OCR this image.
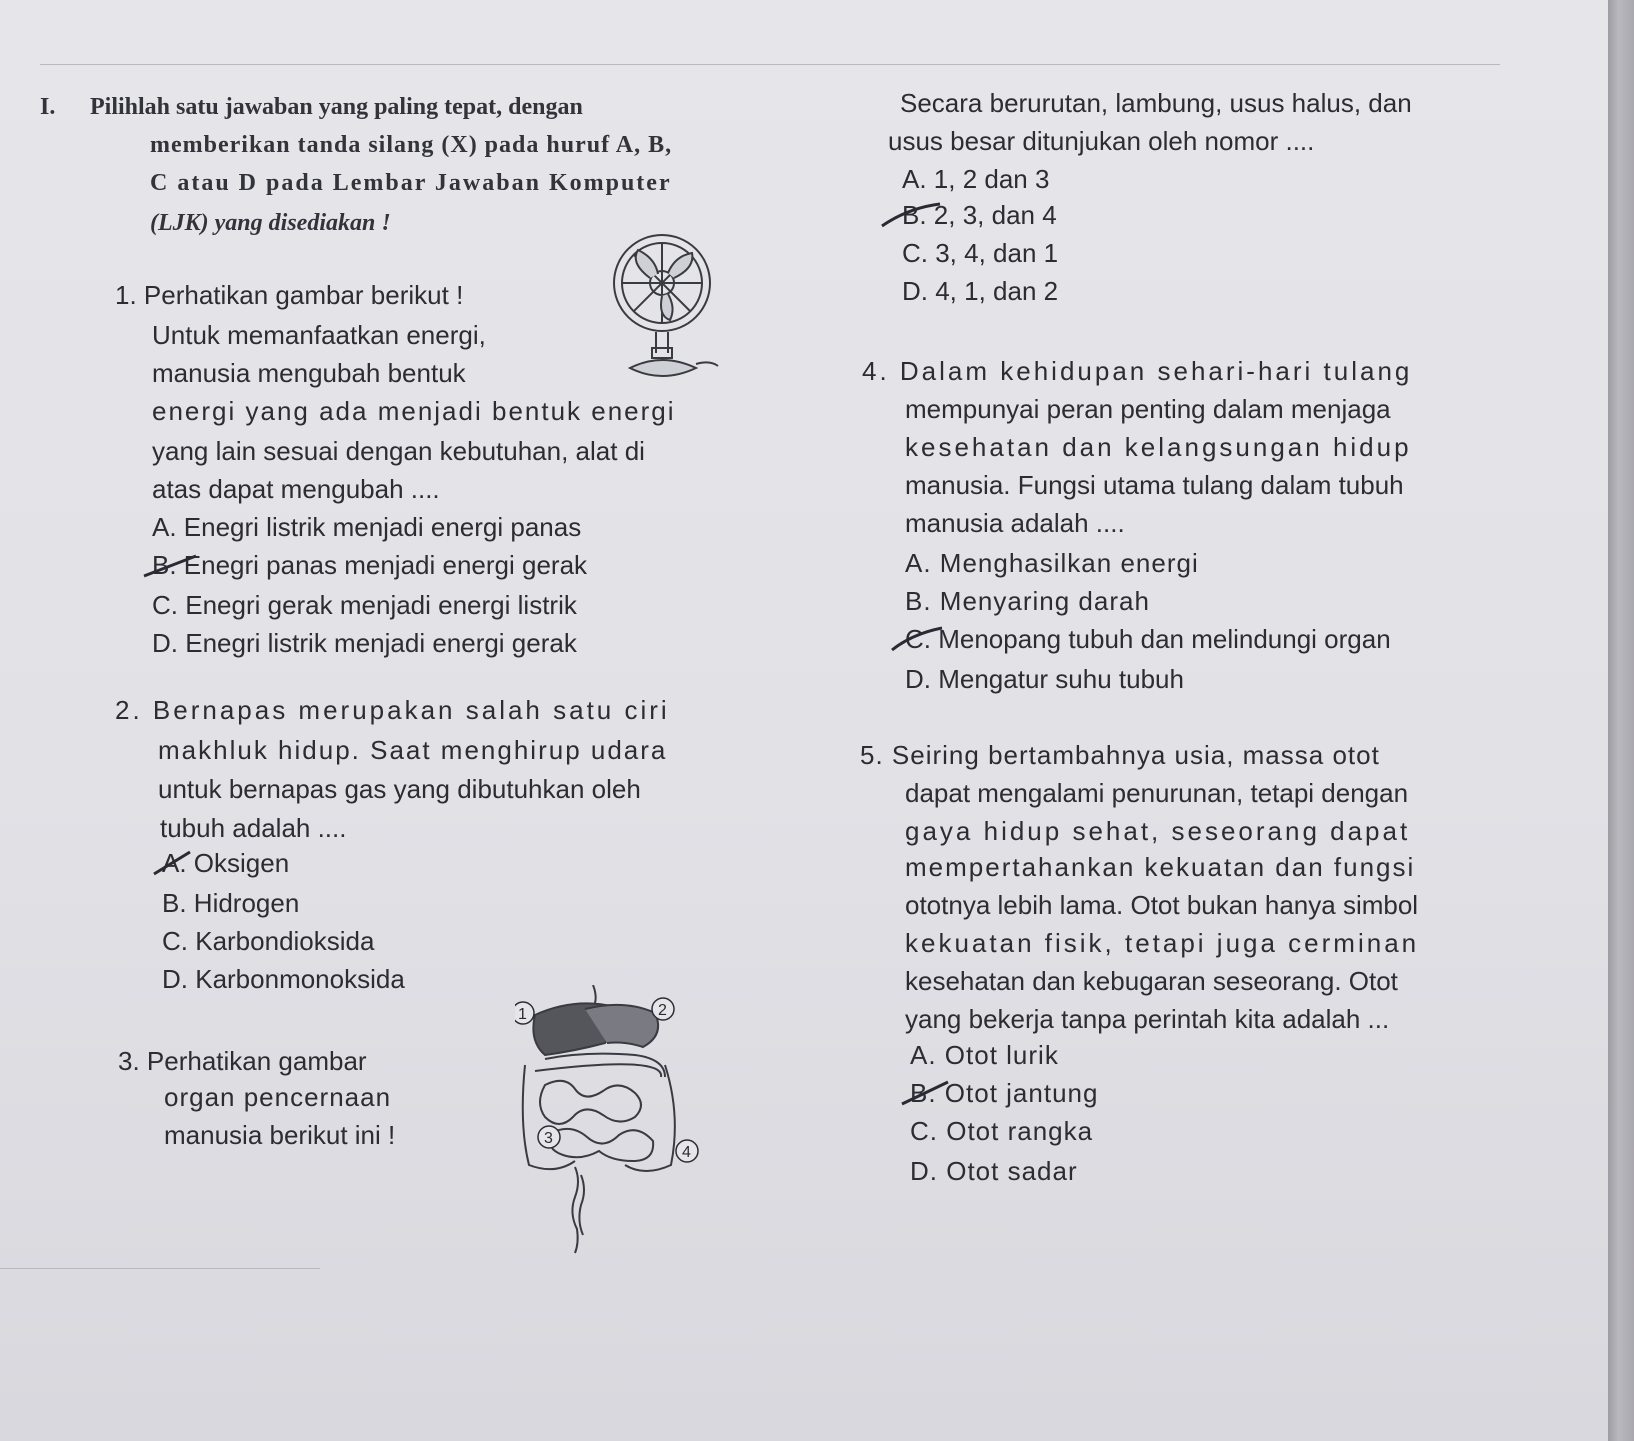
I. Pilihlah satu jawaban yang paling tepat, dengan
memberikan tanda silang (X) pada huruf A, B,
C atau D pada Lembar Jawaban Komputer
(LJK) yang disediakan !
1. Perhatikan gambar berikut !
Untuk memanfaatkan energi,
manusia mengubah bentuk
energi yang ada menjadi bentuk energi
yang lain sesuai dengan kebutuhan, alat di
atas dapat mengubah ....
A. Enegri listrik menjadi energi panas
B. Enegri panas menjadi energi gerak
C. Enegri gerak menjadi energi listrik
D. Enegri listrik menjadi energi gerak
2. Bernapas merupakan salah satu ciri
makhluk hidup. Saat menghirup udara
untuk bernapas gas yang dibutuhkan oleh
tubuh adalah ....
A. Oksigen
B. Hidrogen
C. Karbondioksida
D. Karbonmonoksida
3. Perhatikan gambar
organ pencernaan
manusia berikut ini !
1	2
3
4
Secara berurutan, lambung, usus halus, dan
usus besar ditunjukan oleh nomor ....
A. 1, 2 dan 3
B. 2, 3, dan 4
C. 3, 4, dan 1
D. 4, 1, dan 2
4. Dalam kehidupan sehari-hari tulang
mempunyai peran penting dalam menjaga
kesehatan dan kelangsungan hidup
manusia. Fungsi utama tulang dalam tubuh
manusia adalah ....
A. Menghasilkan energi
B. Menyaring darah
C. Menopang tubuh dan melindungi organ
D. Mengatur suhu tubuh
5. Seiring bertambahnya usia, massa otot
dapat mengalami penurunan, tetapi dengan
gaya hidup sehat, seseorang dapat
mempertahankan kekuatan dan fungsi
ototnya lebih lama. Otot bukan hanya simbol
kekuatan fisik, tetapi juga cerminan
kesehatan dan kebugaran seseorang. Otot
yang bekerja tanpa perintah kita adalah ...
A. Otot lurik
B. Otot jantung
C. Otot rangka
D. Otot sadar
